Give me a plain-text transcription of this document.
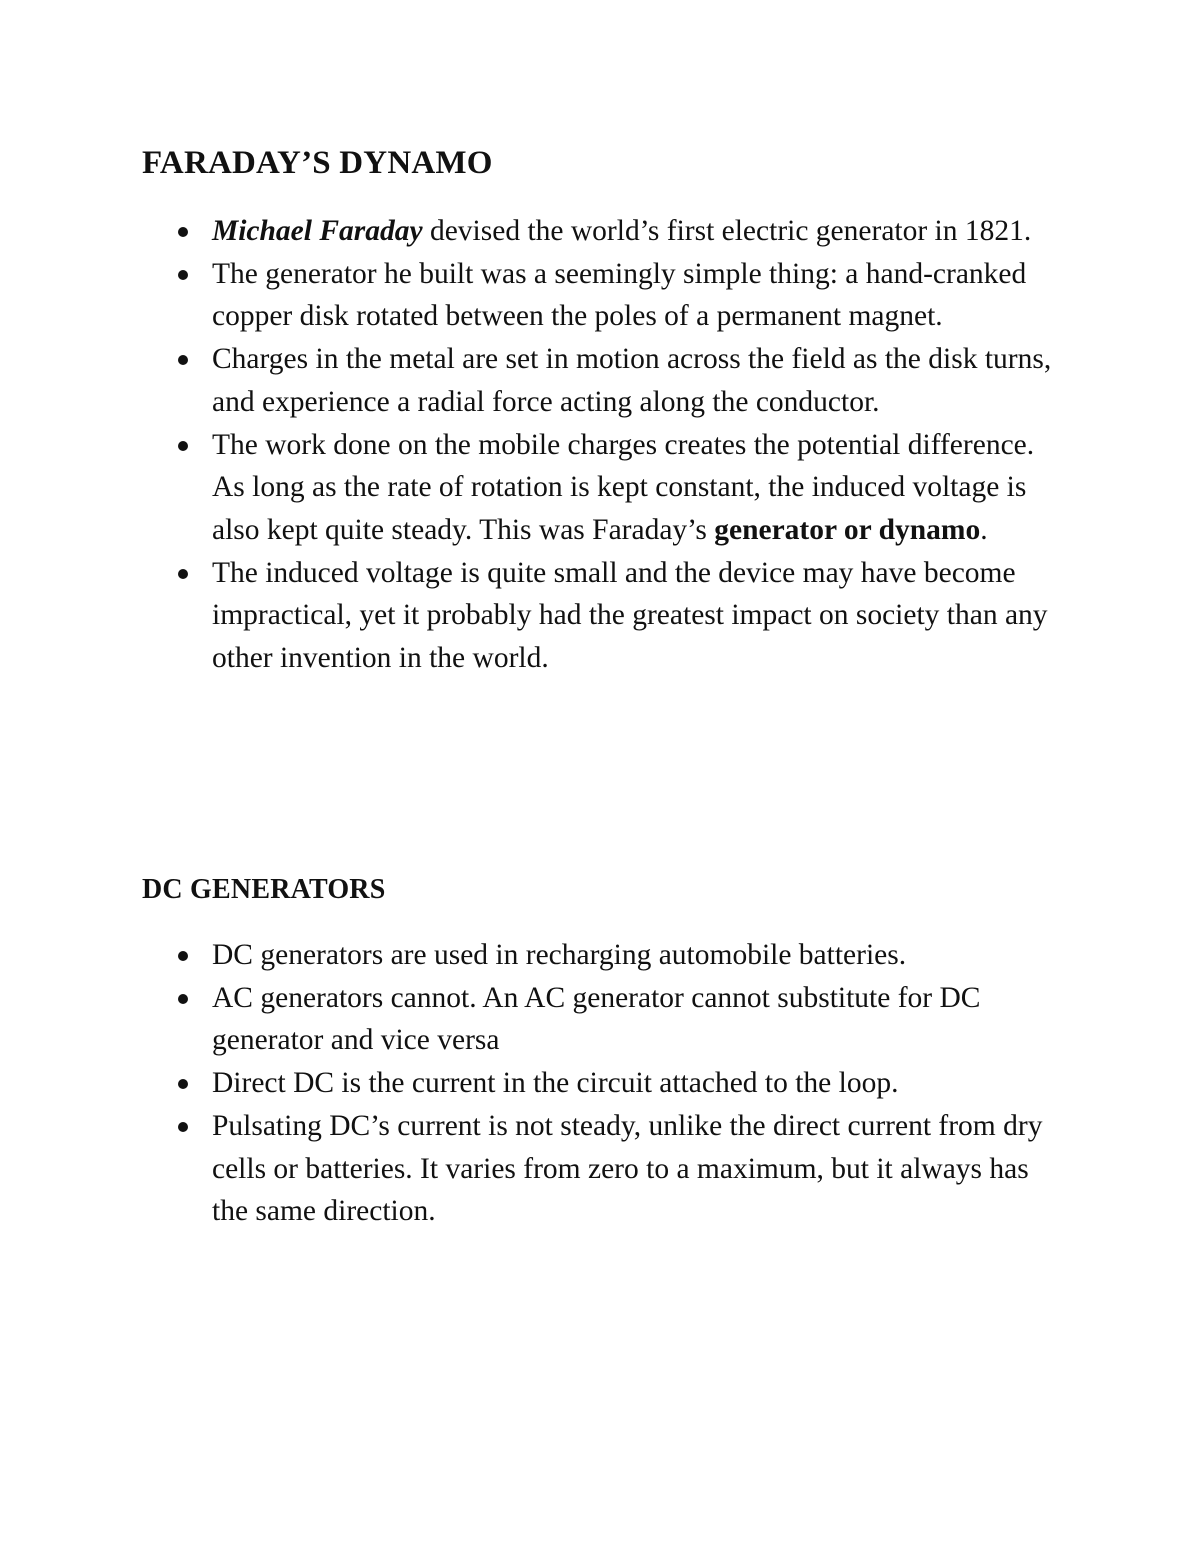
FARADAY’S DYNAMO
Michael Faraday devised the world’s first electric generator in 1821.
The generator he built was a seemingly simple thing: a hand-cranked copper disk rotated between the poles of a permanent magnet.
Charges in the metal are set in motion across the field as the disk turns, and experience a radial force acting along the conductor.
The work done on the mobile charges creates the potential difference. As long as the rate of rotation is kept constant, the induced voltage is also kept quite steady. This was Faraday’s generator or dynamo.
The induced voltage is quite small and the device may have become impractical, yet it probably had the greatest impact on society than any other invention in the world.
DC GENERATORS
DC generators are used in recharging automobile batteries.
AC generators cannot. An AC generator cannot substitute for DC generator and vice versa
Direct DC is the current in the circuit attached to the loop.
Pulsating DC’s current is not steady, unlike the direct current from dry cells or batteries. It varies from zero to a maximum, but it always has the same direction.
